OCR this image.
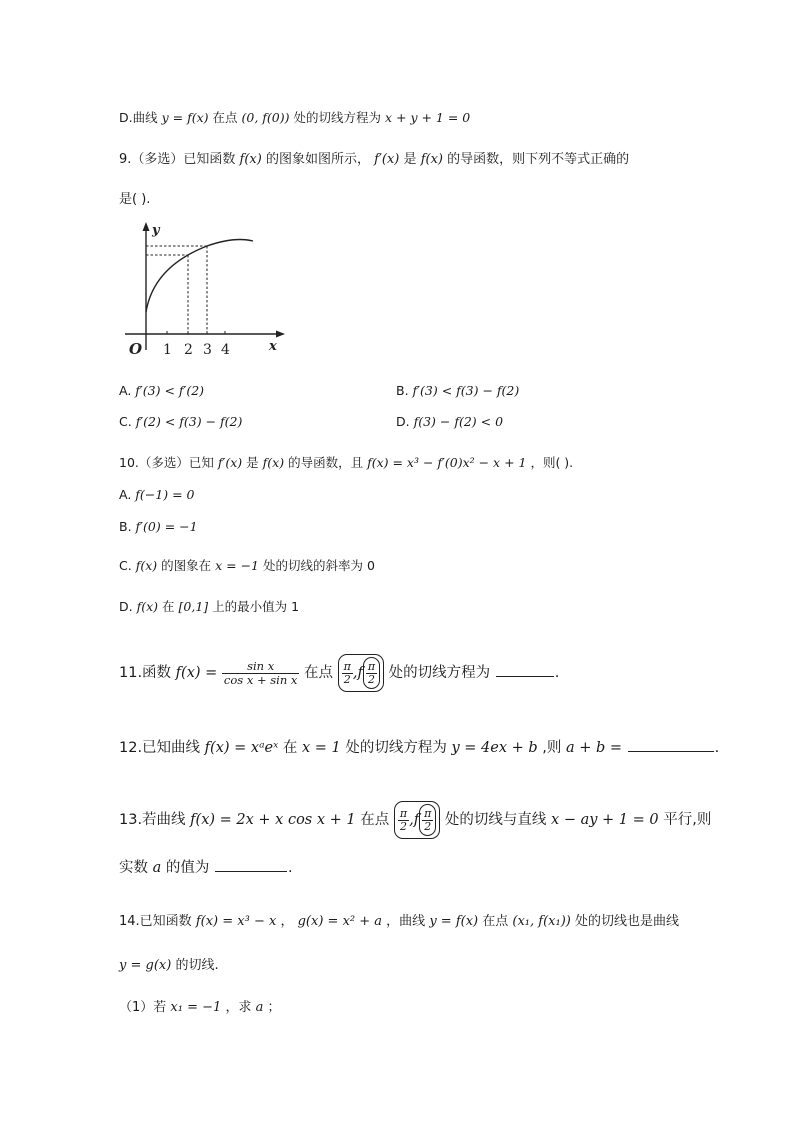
D.曲线 y = f(x) 在点 (0, f(0)) 处的切线方程为 x + y + 1 = 0
9.（多选）已知函数 f(x) 的图象如图所示， f′(x) 是 f(x) 的导函数，则下列不等式正确的
是( ).
y
x
O 1 2 3 4
A. f′(3) < f′(2)	B. f′(3) < f(3) − f(2)
C. f′(2) < f(3) − f(2)	D. f(3) − f(2) < 0
10.（多选）已知 f′(x) 是 f(x) 的导函数，且 f(x) = x³ − f′(0)x² − x + 1 ，则( ).
A. f(−1) = 0
B. f′(0) = −1
C. f(x) 的图象在 x = −1 处的切线的斜率为 0
D. f(x) 在 [0,1] 上的最小值为 1
11.函数 $f(x) = \frac{\text{sin x}}{\text{cos x + sin x}}$ 在点 $\frac{\pi}{2} ,f \frac{\pi}{2}$ 处的切线方程为	.
12.已知曲线 f(x) = xᵃeˣ 在 x = 1 处的切线方程为 y = 4ex + b ,则 a + b =	.
13.若曲线 f(x) = 2x + x cos x + 1 在点 $\frac{\pi}{2} ,f \frac{\pi}{2}$ 处的切线与直线 x − ay + 1 = 0 平行,则
实数 a 的值为	.
14.已知函数 f(x) = x³ − x ， g(x) = x² + a ，曲线 y = f(x) 在点 (x₁, f(x₁)) 处的切线也是曲线
y = g(x) 的切线.
（1）若 x₁ = −1 ，求 a ；
